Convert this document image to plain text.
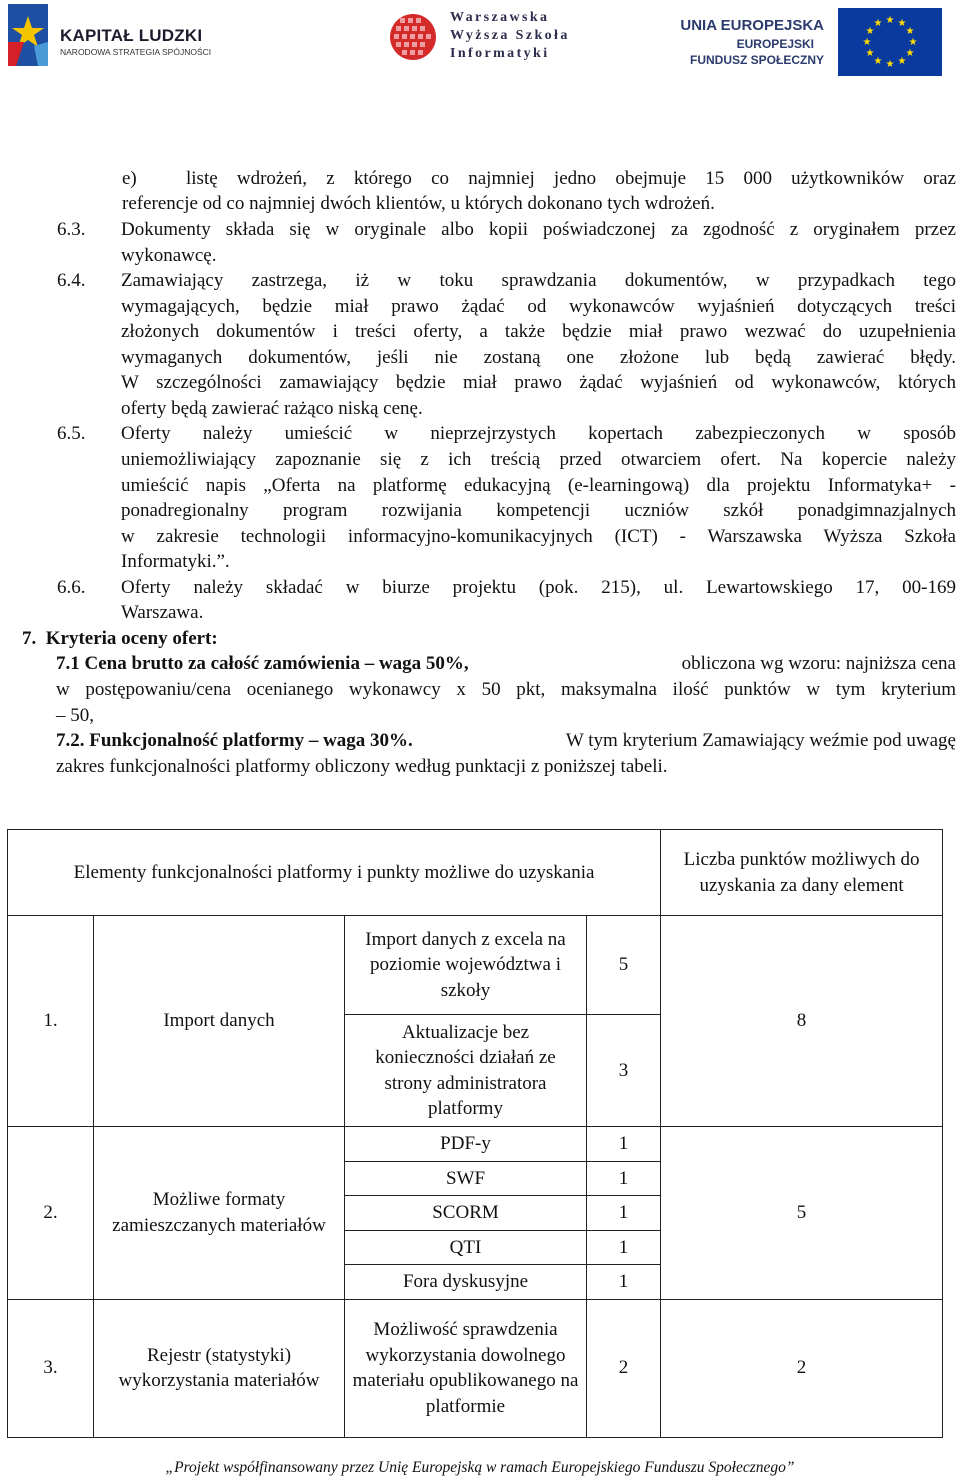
KAPITAŁ LUDZKI
NARODOWA STRATEGIA SPÓJNOŚCI
Warszawska
Wyższa Szkoła
Informatyki
UNIA EUROPEJSKA
EUROPEJSKI
FUNDUSZ SPOŁECZNY
★ ★
★
★
★
★
★
★
★
★
★
★
e)	listę wdrożeń, z którego co najmniej jedno obejmuje 15 000 użytkowników oraz
referencje od co najmniej dwóch klientów, u których dokonano tych wdrożeń.
6.3. Dokumenty składa się w oryginale albo kopii poświadczonej za zgodność z oryginałem przez
wykonawcę.
6.4. Zamawiający zastrzega, iż w toku sprawdzania dokumentów, w przypadkach tego
wymagających, będzie miał prawo żądać od wykonawców wyjaśnień dotyczących treści
złożonych dokumentów i treści oferty, a także będzie miał prawo wezwać do uzupełnienia
wymaganych dokumentów, jeśli nie zostaną one złożone lub będą zawierać błędy.
W szczególności zamawiający będzie miał prawo żądać wyjaśnień od wykonawców, których
oferty będą zawierać rażąco niską cenę.
6.5. Oferty należy umieścić w nieprzejrzystych kopertach zabezpieczonych w sposób
uniemożliwiający zapoznanie się z ich treścią przed otwarciem ofert. Na kopercie należy
umieścić napis „Oferta na platformę edukacyjną (e-learningową) dla projektu Informatyka+ -
ponadregionalny program rozwijania kompetencji uczniów szkół ponadgimnazjalnych
w zakresie technologii informacyjno-komunikacyjnych (ICT) - Warszawska Wyższa Szkoła
Informatyki.”.
6.6. Oferty należy składać w biurze projektu (pok. 215), ul. Lewartowskiego 17, 00-169
Warszawa.
7.  Kryteria oceny ofert:
7.1 Cena brutto za całość zamówienia – waga 50%,	obliczona wg wzoru: najniższa cena
w postępowaniu/cena ocenianego wykonawcy x 50 pkt, maksymalna ilość punktów w tym kryterium
– 50,
7.2. Funkcjonalność platformy – waga 30%.	W tym kryterium Zamawiający weźmie pod uwagę
zakres funkcjonalności platformy obliczony według punktacji z poniższej tabeli.
Elementy funkcjonalności platformy i punkty możliwe do uzyskania				Liczba punktów możliwych do uzyskania za dany element
1.	Import danych	Import danych z excela na poziomie województwa i szkoły	5	8
		Aktualizacje bez konieczności działań ze strony administratora platformy	3	
2.	Możliwe formaty zamieszczanych materiałów	PDF-y	1	5
		SWF	1	
		SCORM	1	
		QTI	1	
		Fora dyskusyjne	1	
3.	Rejestr (statystyki) wykorzystania materiałów	Możliwość sprawdzenia wykorzystania dowolnego materiału opublikowanego na platformie	2	2
„Projekt współfinansowany przez Unię Europejską w ramach Europejskiego Funduszu Społecznego”
